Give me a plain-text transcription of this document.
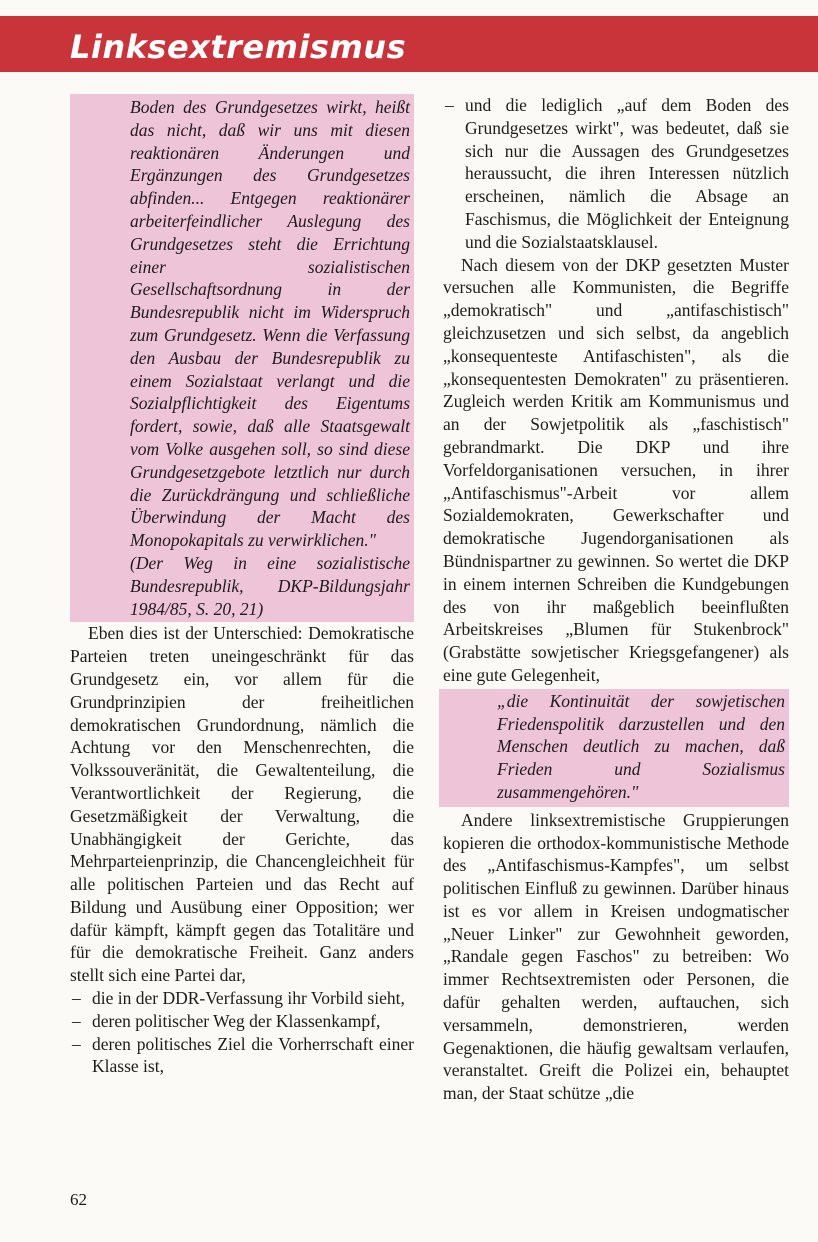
Linksextremismus
Boden des Grundgesetzes wirkt, heißt das nicht, daß wir uns mit diesen reaktionären Änderungen und Ergänzungen des Grundgesetzes abfinden... Entgegen reaktionärer arbeiterfeindlicher Auslegung des Grundgesetzes steht die Errichtung einer sozialistischen Gesellschaftsordnung in der Bundesrepublik nicht im Widerspruch zum Grundgesetz. Wenn die Verfassung den Ausbau der Bundesrepublik zu einem Sozialstaat verlangt und die Sozialpflichtigkeit des Eigentums fordert, sowie, daß alle Staatsgewalt vom Volke ausgehen soll, so sind diese Grundgesetzgebote letztlich nur durch die Zurückdrängung und schließliche Überwindung der Macht des Monopokapitals zu verwirklichen."
(Der Weg in eine sozialistische Bundesrepublik, DKP-Bildungsjahr 1984/85, S. 20, 21)

Eben dies ist der Unterschied: Demokratische Parteien treten uneingeschränkt für das Grundgesetz ein, vor allem für die Grundprinzipien der freiheitlichen demokratischen Grundordnung, nämlich die Achtung vor den Menschenrechten, die Volkssouveränität, die Gewaltenteilung, die Verantwortlichkeit der Regierung, die Gesetzmäßigkeit der Verwaltung, die Unabhängigkeit der Gerichte, das Mehrparteienprinzip, die Chancengleichheit für alle politischen Parteien und das Recht auf Bildung und Ausübung einer Opposition; wer dafür kämpft, kämpft gegen das Totalitäre und für die demokratische Freiheit. Ganz anders stellt sich eine Partei dar,

– die in der DDR-Verfassung ihr Vorbild sieht,
– deren politischer Weg der Klassenkampf,
– deren politisches Ziel die Vorherrschaft einer Klasse ist,
– und die lediglich „auf dem Boden des Grundgesetzes wirkt", was bedeutet, daß sie sich nur die Aussagen des Grundgesetzes heraussucht, die ihren Interessen nützlich erscheinen, nämlich die Absage an Faschismus, die Möglichkeit der Enteignung und die Sozialstaatsklausel.

Nach diesem von der DKP gesetzten Muster versuchen alle Kommunisten, die Begriffe „demokratisch" und „antifaschistisch" gleichzusetzen und sich selbst, da angeblich „konsequenteste Antifaschisten", als die „konsequentesten Demokraten" zu präsentieren. Zugleich werden Kritik am Kommunismus und an der Sowjetpolitik als „faschistisch" gebrandmarkt. Die DKP und ihre Vorfeldorganisationen versuchen, in ihrer „Antifaschismus"-Arbeit vor allem Sozialdemokraten, Gewerkschafter und demokratische Jugendorganisationen als Bündnispartner zu gewinnen. So wertet die DKP in einem internen Schreiben die Kundgebungen des von ihr maßgeblich beeinflußten Arbeitskreises „Blumen für Stukenbrock" (Grabstätte sowjetischer Kriegsgefangener) als eine gute Gelegenheit,

„die Kontinuität der sowjetischen Friedenspolitik darzustellen und den Menschen deutlich zu machen, daß Frieden und Sozialismus zusammengehören."

Andere linksextremistische Gruppierungen kopieren die orthodox-kommunistische Methode des „Antifaschismus-Kampfes", um selbst politischen Einfluß zu gewinnen. Darüber hinaus ist es vor allem in Kreisen undogmatischer „Neuer Linker" zur Gewohnheit geworden, „Randale gegen Faschos" zu betreiben: Wo immer Rechtsextremisten oder Personen, die dafür gehalten werden, auftauchen, sich versammeln, demonstrieren, werden Gegenaktionen, die häufig gewaltsam verlaufen, veranstaltet. Greift die Polizei ein, behauptet man, der Staat schütze „die

62
